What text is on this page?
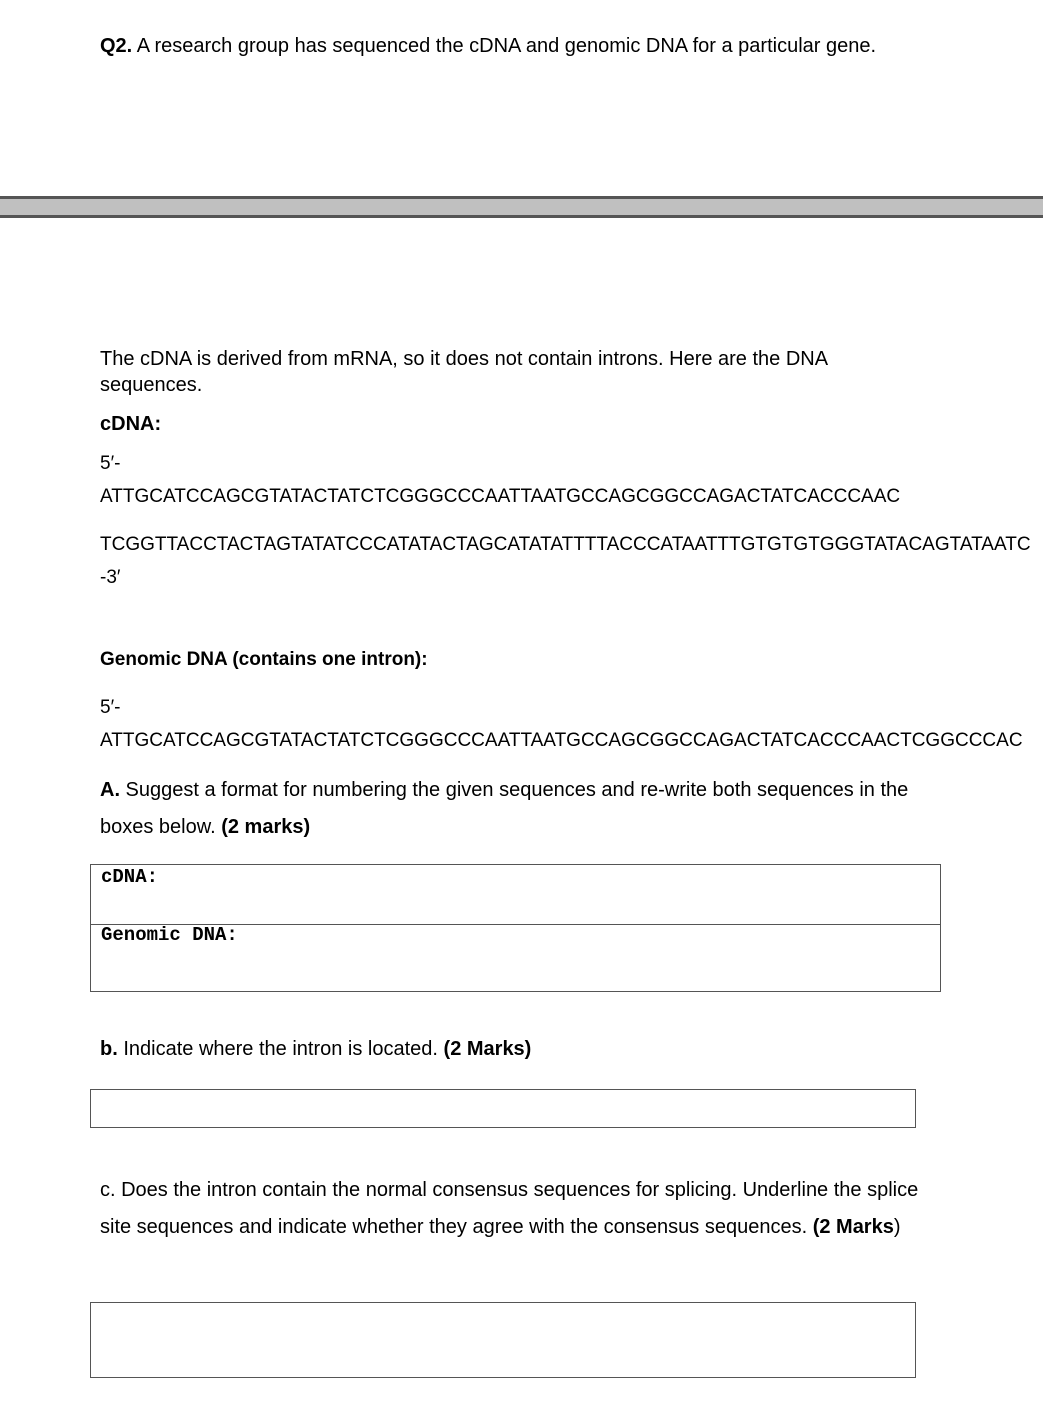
Q2. A research group has sequenced the cDNA and genomic DNA for a particular gene.
The cDNA is derived from mRNA, so it does not contain introns. Here are the DNA sequences.
cDNA:
5′-
ATTGCATCCAGCGTATACTATCTCGGGCCCAATTAATGCCAGCGGCCAGACTATCACCCAAC
TCGGTTACCTACTAGTATATCCCATATACTAGCATATATTTTACCCATAATTTGTGTGTGGGTATACAGTATAATC
-3′
Genomic DNA (contains one intron):
5′-
ATTGCATCCAGCGTATACTATCTCGGGCCCAATTAATGCCAGCGGCCAGACTATCACCCAACTCGGCCCAC
A. Suggest a format for numbering the given sequences and re-write both sequences in the boxes below. (2 marks)
cDNA:
Genomic DNA:
b. Indicate where the intron is located. (2 Marks)
c. Does the intron contain the normal consensus sequences for splicing. Underline the splice site sequences and indicate whether they agree with the consensus sequences. (2 Marks)
